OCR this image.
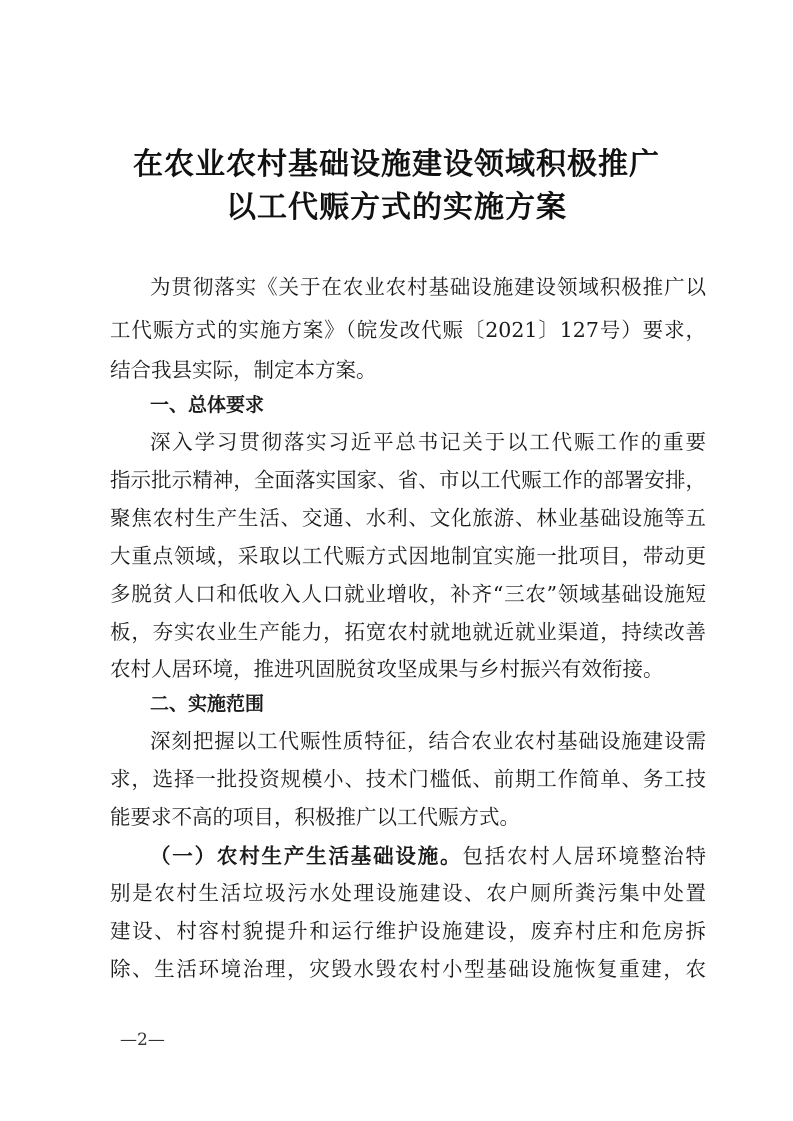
在农业农村基础设施建设领域积极推广
以工代赈方式的实施方案
为贯彻落实《关于在农业农村基础设施建设领域积极推广以
工代赈方式的实施方案》（皖发改代赈〔2021〕127号）要求，
结合我县实际，制定本方案。
一、总体要求
深入学习贯彻落实习近平总书记关于以工代赈工作的重要
指示批示精神，全面落实国家、省、市以工代赈工作的部署安排，
聚焦农村生产生活、交通、水利、文化旅游、林业基础设施等五
大重点领域，采取以工代赈方式因地制宜实施一批项目，带动更
多脱贫人口和低收入人口就业增收，补齐“三农”领域基础设施短
板，夯实农业生产能力，拓宽农村就地就近就业渠道，持续改善
农村人居环境，推进巩固脱贫攻坚成果与乡村振兴有效衔接。
二、实施范围
深刻把握以工代赈性质特征，结合农业农村基础设施建设需
求，选择一批投资规模小、技术门槛低、前期工作简单、务工技
能要求不高的项目，积极推广以工代赈方式。
（一）农村生产生活基础设施。包括农村人居环境整治特
别是农村生活垃圾污水处理设施建设、农户厕所粪污集中处置
建设、村容村貌提升和运行维护设施建设，废弃村庄和危房拆
除、生活环境治理，灾毁水毁农村小型基础设施恢复重建，农
—2—
